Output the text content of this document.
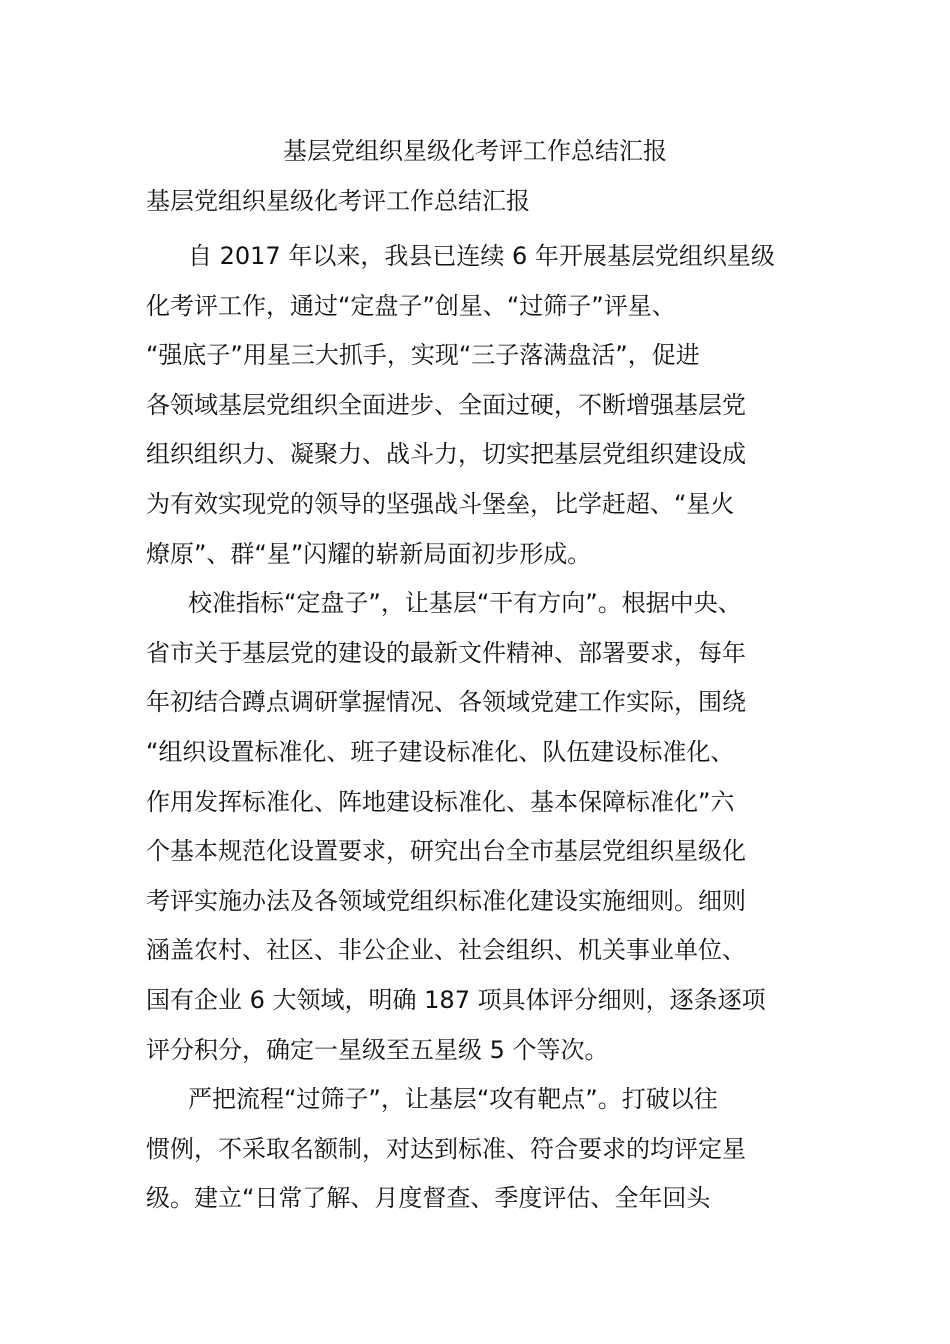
基层党组织星级化考评工作总结汇报
基层党组织星级化考评工作总结汇报
自 2017 年以来，我县已连续 6 年开展基层党组织星级
化考评工作，通过“定盘子”创星、“过筛子”评星、
“强底子”用星三大抓手，实现“三子落满盘活”，促进
各领域基层党组织全面进步、全面过硬，不断增强基层党
组织组织力、凝聚力、战斗力，切实把基层党组织建设成
为有效实现党的领导的坚强战斗堡垒，比学赶超、“星火
燎原”、群“星”闪耀的崭新局面初步形成。
校准指标“定盘子”，让基层“干有方向”。根据中央、
省市关于基层党的建设的最新文件精神、部署要求，每年
年初结合蹲点调研掌握情况、各领域党建工作实际，围绕
“组织设置标准化、班子建设标准化、队伍建设标准化、
作用发挥标准化、阵地建设标准化、基本保障标准化”六
个基本规范化设置要求，研究出台全市基层党组织星级化
考评实施办法及各领域党组织标准化建设实施细则。细则
涵盖农村、社区、非公企业、社会组织、机关事业单位、
国有企业 6 大领域，明确 187 项具体评分细则，逐条逐项
评分积分，确定一星级至五星级 5 个等次。
严把流程“过筛子”，让基层“攻有靶点”。打破以往
惯例，不采取名额制，对达到标准、符合要求的均评定星
级。建立“日常了解、月度督查、季度评估、全年回头
